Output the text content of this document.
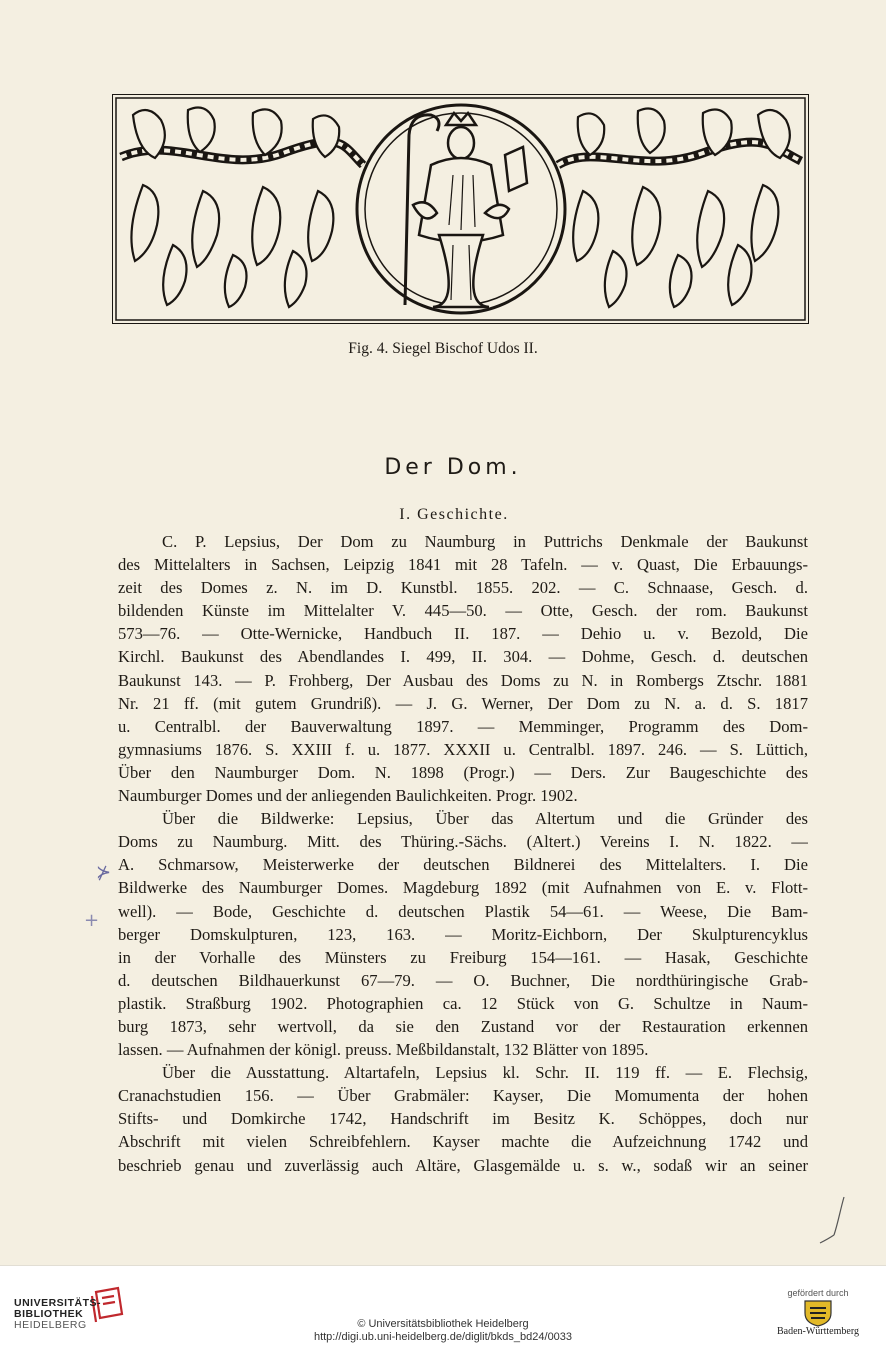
Fig. 4. Siegel Bischof Udos II.
Der Dom.
I. Geschichte.
C. P. Lepsius, Der Dom zu Naumburg in Puttrichs Denkmale der Baukunst
des Mittelalters in Sachsen, Leipzig 1841 mit 28 Tafeln. — v. Quast, Die Erbauungs-
zeit des Domes z. N. im D. Kunstbl. 1855. 202. — C. Schnaase, Gesch. d.
bildenden Künste im Mittelalter V. 445—50. — Otte, Gesch. der rom. Baukunst
573—76. — Otte-Wernicke, Handbuch II. 187. — Dehio u. v. Bezold, Die
Kirchl. Baukunst des Abendlandes I. 499, II. 304. — Dohme, Gesch. d. deutschen
Baukunst 143. — P. Frohberg, Der Ausbau des Doms zu N. in Rombergs Ztschr. 1881
Nr. 21 ff. (mit gutem Grundriß). — J. G. Werner, Der Dom zu N. a. d. S. 1817
u. Centralbl. der Bauverwaltung 1897. — Memminger, Programm des Dom-
gymnasiums 1876. S. XXIII f. u. 1877. XXXII u. Centralbl. 1897. 246. — S. Lüttich,
Über den Naumburger Dom. N. 1898 (Progr.) — Ders. Zur Baugeschichte des
Naumburger Domes und der anliegenden Baulichkeiten. Progr. 1902.
Über die Bildwerke: Lepsius, Über das Altertum und die Gründer des
Doms zu Naumburg. Mitt. des Thüring.-Sächs. (Altert.) Vereins I. N. 1822. —
A. Schmarsow, Meisterwerke der deutschen Bildnerei des Mittelalters. I. Die
Bildwerke des Naumburger Domes. Magdeburg 1892 (mit Aufnahmen von E. v. Flott-
well). — Bode, Geschichte d. deutschen Plastik 54—61. — Weese, Die Bam-
berger Domskulpturen, 123, 163. — Moritz-Eichborn, Der Skulpturencyklus
in der Vorhalle des Münsters zu Freiburg 154—161. — Hasak, Geschichte
d. deutschen Bildhauerkunst 67—79. — O. Buchner, Die nordthüringische Grab-
plastik. Straßburg 1902. Photographien ca. 12 Stück von G. Schultze in Naum-
burg 1873, sehr wertvoll, da sie den Zustand vor der Restauration erkennen
lassen. — Aufnahmen der königl. preuss. Meßbildanstalt, 132 Blätter von 1895.
Über die Ausstattung. Altartafeln, Lepsius kl. Schr. II. 119 ff. — E. Flechsig,
Cranachstudien 156. — Über Grabmäler: Kayser, Die Momumenta der hohen
Stifts- und Domkirche 1742, Handschrift im Besitz K. Schöppes, doch nur
Abschrift mit vielen Schreibfehlern. Kayser machte die Aufzeichnung 1742 und
beschrieb genau und zuverlässig auch Altäre, Glasgemälde u. s. w., sodaß wir an seiner
⊁
+
UNIVERSITÄTS-
BIBLIOTHEK
HEIDELBERG	© Universitätsbibliothek Heidelberg
http://digi.ub.uni-heidelberg.de/diglit/bkds_bd24/0033
gefördert durch
Baden-Württemberg
